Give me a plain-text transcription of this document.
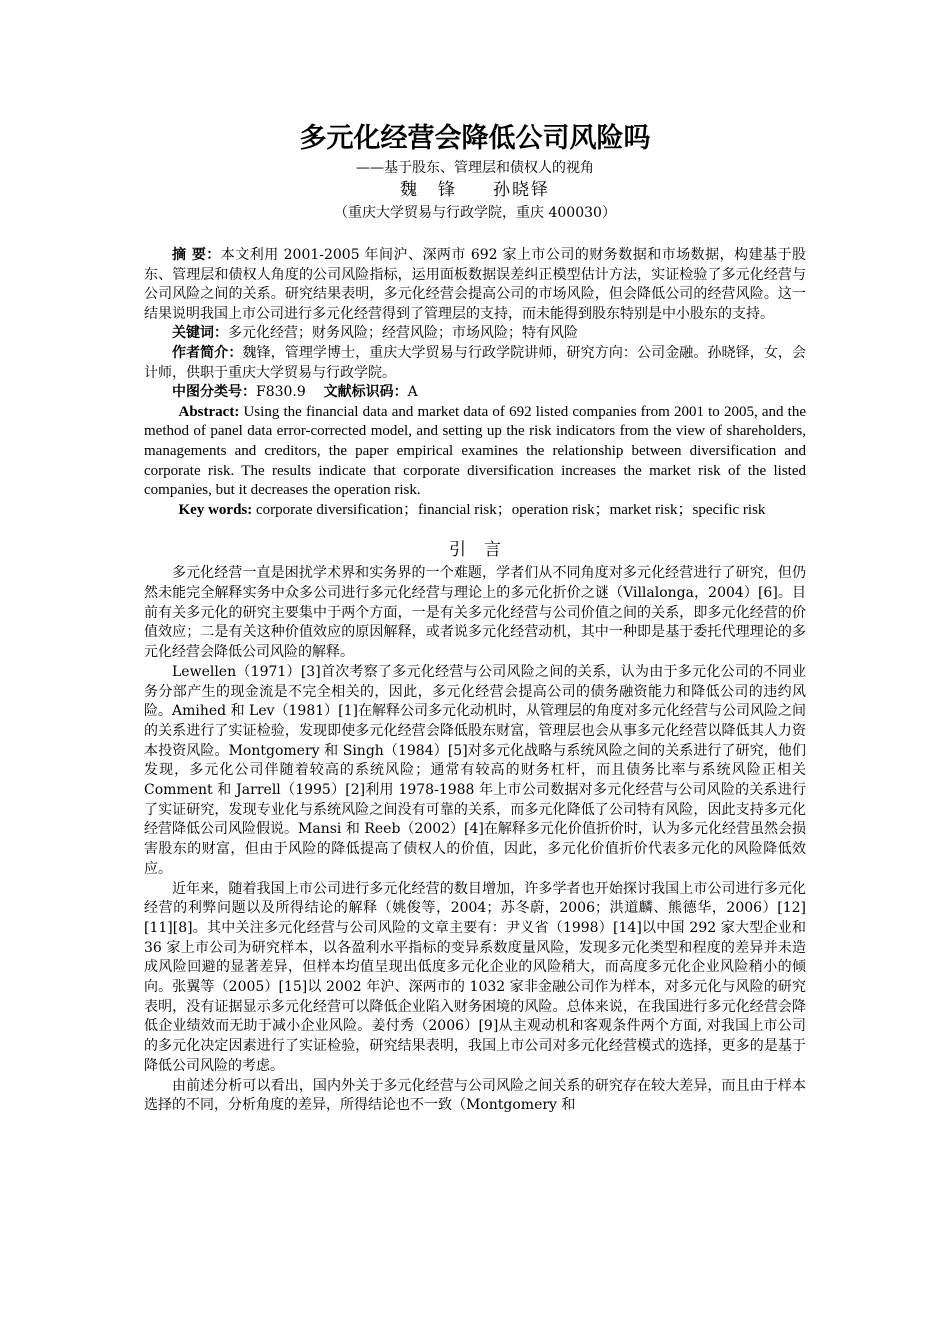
多元化经营会降低公司风险吗
——基于股东、管理层和债权人的视角
魏　锋 孙晓铎
（重庆大学贸易与行政学院，重庆 400030）

摘 要：本文利用 2001-2005 年间沪、深两市 692 家上市公司的财务数据和市场数据，构建基于股东、管理层和债权人角度的公司风险指标，运用面板数据误差纠正模型估计方法，实证检验了多元化经营与公司风险之间的关系。研究结果表明，多元化经营会提高公司的市场风险，但会降低公司的经营风险。这一结果说明我国上市公司进行多元化经营得到了管理层的支持，而未能得到股东特别是中小股东的支持。

关键词：多元化经营；财务风险；经营风险；市场风险；特有风险

作者简介：魏锋，管理学博士，重庆大学贸易与行政学院讲师，研究方向：公司金融。孙晓铎，女，会计师，供职于重庆大学贸易与行政学院。

中图分类号：F830.9 文献标识码：A

Abstract: Using the financial data and market data of 692 listed companies from 2001 to 2005, and the method of panel data error-corrected model, and setting up the risk indicators from the view of shareholders, managements and creditors, the paper empirical examines the relationship between diversification and corporate risk. The results indicate that corporate diversification increases the market risk of the listed companies, but it decreases the operation risk.

Key words: corporate diversification；financial risk；operation risk；market risk；specific risk

引言

多元化经营一直是困扰学术界和实务界的一个难题，学者们从不同角度对多元化经营进行了研究，但仍然未能完全解释实务中众多公司进行多元化经营与理论上的多元化折价之谜（Villalonga，2004）[6]。目前有关多元化的研究主要集中于两个方面，一是有关多元化经营与公司价值之间的关系，即多元化经营的价值效应；二是有关这种价值效应的原因解释，或者说多元化经营动机，其中一种即是基于委托代理理论的多元化经营会降低公司风险的解释。

Lewellen（1971）[3]首次考察了多元化经营与公司风险之间的关系，认为由于多元化公司的不同业务分部产生的现金流是不完全相关的，因此，多元化经营会提高公司的债务融资能力和降低公司的违约风险。Amihed 和 Lev（1981）[1]在解释公司多元化动机时，从管理层的角度对多元化经营与公司风险之间的关系进行了实证检验，发现即使多元化经营会降低股东财富，管理层也会从事多元化经营以降低其人力资本投资风险。Montgomery 和 Singh（1984）[5]对多元化战略与系统风险之间的关系进行了研究，他们发现，多元化公司伴随着较高的系统风险；通常有较高的财务杠杆，而且债务比率与系统风险正相关 Comment 和 Jarrell（1995）[2]利用 1978-1988 年上市公司数据对多元化经营与公司风险的关系进行了实证研究，发现专业化与系统风险之间没有可靠的关系，而多元化降低了公司特有风险，因此支持多元化经营降低公司风险假说。Mansi 和 Reeb（2002）[4]在解释多元化价值折价时，认为多元化经营虽然会损害股东的财富，但由于风险的降低提高了债权人的价值，因此，多元化价值折价代表多元化的风险降低效应。

近年来，随着我国上市公司进行多元化经营的数目增加，许多学者也开始探讨我国上市公司进行多元化经营的利弊问题以及所得结论的解释（姚俊等，2004；苏冬蔚，2006；洪道麟、熊德华，2006）[12][11][8]。其中关注多元化经营与公司风险的文章主要有：尹义省（1998）[14]以中国 292 家大型企业和 36 家上市公司为研究样本，以各盈利水平指标的变异系数度量风险，发现多元化类型和程度的差异并未造成风险回避的显著差异，但样本均值呈现出低度多元化企业的风险稍大，而高度多元化企业风险稍小的倾向。张翼等（2005）[15]以 2002 年沪、深两市的 1032 家非金融公司作为样本，对多元化与风险的研究表明，没有证据显示多元化经营可以降低企业陷入财务困境的风险。总体来说，在我国进行多元化经营会降低企业绩效而无助于减小企业风险。姜付秀（2006）[9]从主观动机和客观条件两个方面, 对我国上市公司的多元化决定因素进行了实证检验，研究结果表明，我国上市公司对多元化经营模式的选择，更多的是基于降低公司风险的考虑。

由前述分析可以看出，国内外关于多元化经营与公司风险之间关系的研究存在较大差异，而且由于样本选择的不同，分析角度的差异，所得结论也不一致（Montgomery 和
